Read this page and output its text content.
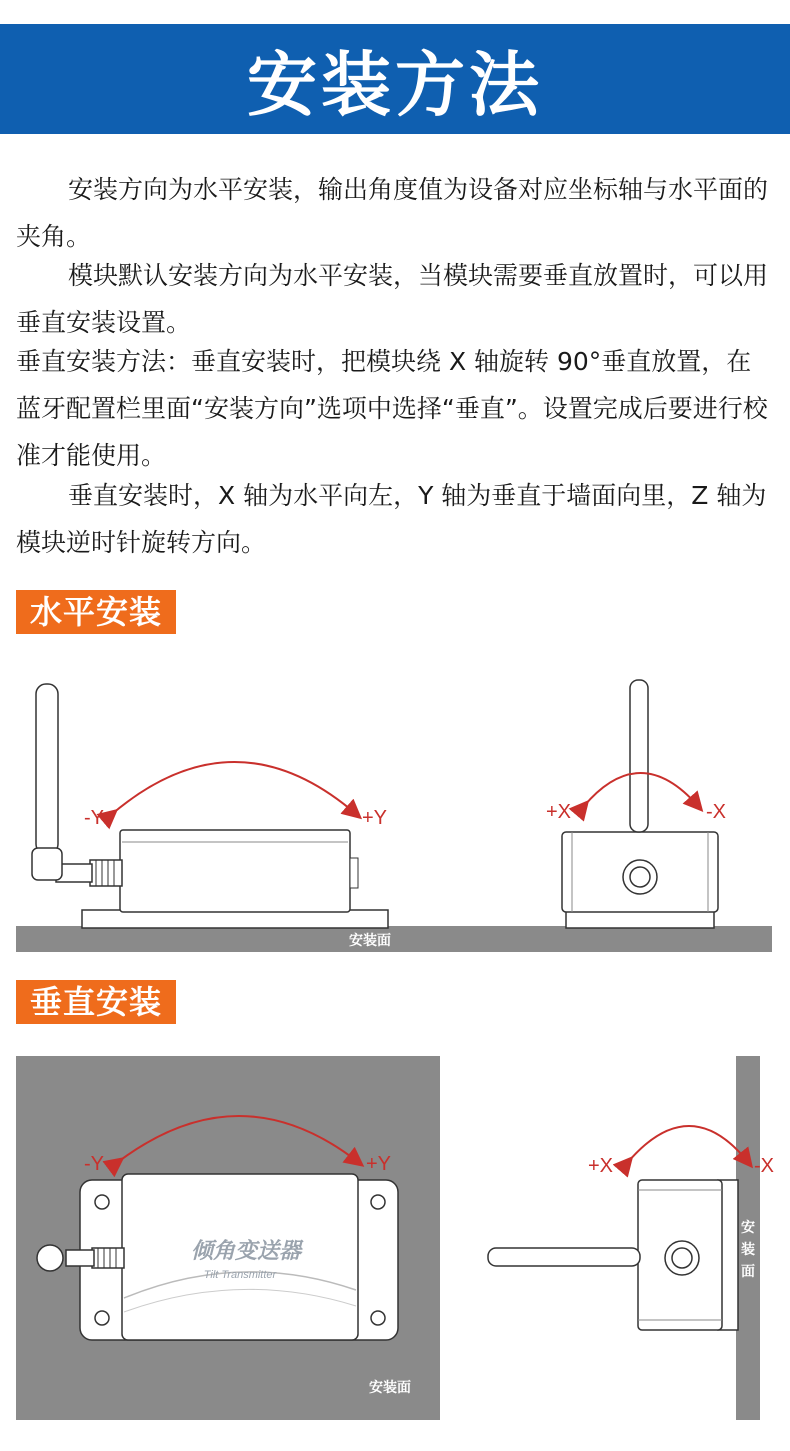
安装方法

安装方向为水平安装，输出角度值为设备对应坐标轴与水平面的夹角。

模块默认安装方向为水平安装，当模块需要垂直放置时，可以用垂直安装设置。

垂直安装方法：垂直安装时，把模块绕 X 轴旋转 90°垂直放置，在蓝牙配置栏里面“安装方向”选项中选择“垂直”。设置完成后要进行校准才能使用。

垂直安装时，X 轴为水平向左，Y 轴为垂直于墙面向里，Z 轴为模块逆时针旋转方向。

水平安装
安装面
-Y	+Y	+X	-X
垂直安装
安装面
倾角变送器
Tilt Transmitter
-Y	+Y
安装面
+X	-X
